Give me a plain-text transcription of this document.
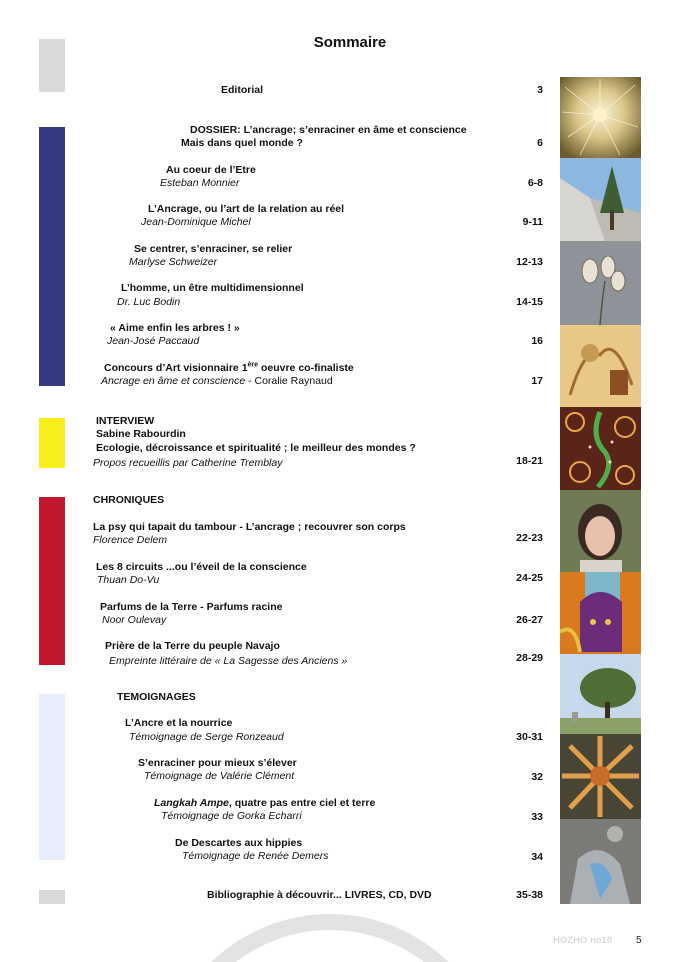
Sommaire
Editorial	3
DOSSIER: L’ancrage; s’enraciner en âme et conscience
Mais dans quel monde ?	6
Au coeur de l’Etre
Esteban Monnier	6-8
L’Ancrage, ou l’art de la relation au réel
Jean-Dominique Michel	9-11
Se centrer, s’enraciner, se relier
Marlyse Schweizer	12-13
L’homme, un être multidimensionnel
Dr. Luc Bodin	14-15
« Aime enfin les arbres ! »
Jean-José Paccaud	16
Concours d’Art visionnaire 1ère oeuvre co-finaliste
Ancrage en âme et conscience - Coralie Raynaud	17
INTERVIEW
Sabine Rabourdin
Ecologie, décroissance et spiritualité ; le meilleur des mondes ?
Propos recueillis par Catherine Tremblay	18-21
CHRONIQUES
La psy qui tapait du tambour - L’ancrage ; recouvrer son corps
Florence Delem	22-23
Les 8 circuits ...ou l’éveil de la conscience
Thuan Do-Vu	24-25
Parfums de la Terre - Parfums racine
Noor Oulevay	26-27
Prière de la Terre du peuple Navajo
Empreinte littéraire de « La Sagesse des Anciens »	28-29
TEMOIGNAGES
L’Ancre et la nourrice
Témoignage de Serge Ronzeaud	30-31
S’enraciner pour mieux s’élever
Témoignage de Valérie Clément	32
Langkah Ampe, quatre pas entre ciel et terre
Témoignage de Gorka Echarri	33
De Descartes aux hippies
Témoignage de Renée Demers	34
Bibliographie à découvrir... LIVRES, CD, DVD	35-38
HOZHO no10 5
